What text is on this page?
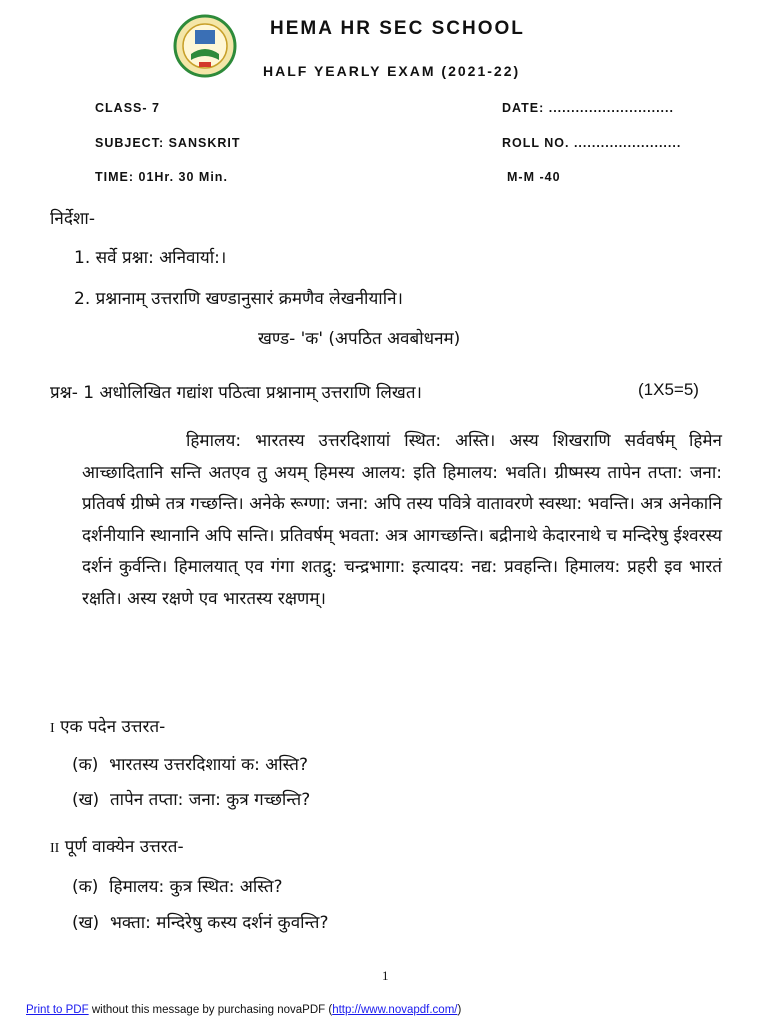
HEMA HR SEC SCHOOL
HALF YEARLY EXAM (2021-22)
CLASS- 7	DATE: ............................
SUBJECT: SANSKRIT	ROLL NO. ........................
TIME: 01Hr. 30 Min.	M-M -40
निर्देशा-
1. सर्वे प्रश्ना: अनिवार्या:।
2. प्रश्नानाम् उत्तराणि खण्डानुसारं क्रमणैव लेखनीयानि।
खण्ड- 'क' (अपठित अवबोधनम)
प्रश्न- 1 अधोलिखित गद्यांश पठित्वा प्रश्नानाम् उत्तराणि लिखत।	(1X5=5)
हिमालय: भारतस्य उत्तरदिशायां स्थित: अस्ति। अस्य शिखराणि सर्ववर्षम् हिमेन आच्छादितानि सन्ति अतएव तु अयम् हिमस्य आलय: इति हिमालय: भवति। ग्रीष्मस्य तापेन तप्ता: जना: प्रतिवर्ष ग्रीष्मे तत्र गच्छन्ति। अनेके रूग्णा: जना: अपि तस्य पवित्रे वातावरणे स्वस्था: भवन्ति। अत्र अनेकानि दर्शनीयानि स्थानानि अपि सन्ति। प्रतिवर्षम् भवता: अत्र आगच्छन्ति। बद्रीनाथे केदारनाथे च मन्दिरेषु ईश्वरस्य दर्शनं कुर्वन्ति। हिमालयात् एव गंगा शतद्रु: चन्द्रभागा: इत्यादय: नद्य: प्रवहन्ति। हिमालय: प्रहरी इव भारतं रक्षति। अस्य रक्षणे एव भारतस्य रक्षणम्।
I एक पदेन उत्तरत-
(क) भारतस्य उत्तरदिशायां क: अस्ति?
(ख) तापेन तप्ता: जना: कुत्र गच्छन्ति?
II पूर्ण वाक्येन उत्तरत-
(क) हिमालय: कुत्र स्थित: अस्ति?
(ख) भक्ता: मन्दिरेषु कस्य दर्शनं कुवन्ति?
1
Print to PDF without this message by purchasing novaPDF (http://www.novapdf.com/)
